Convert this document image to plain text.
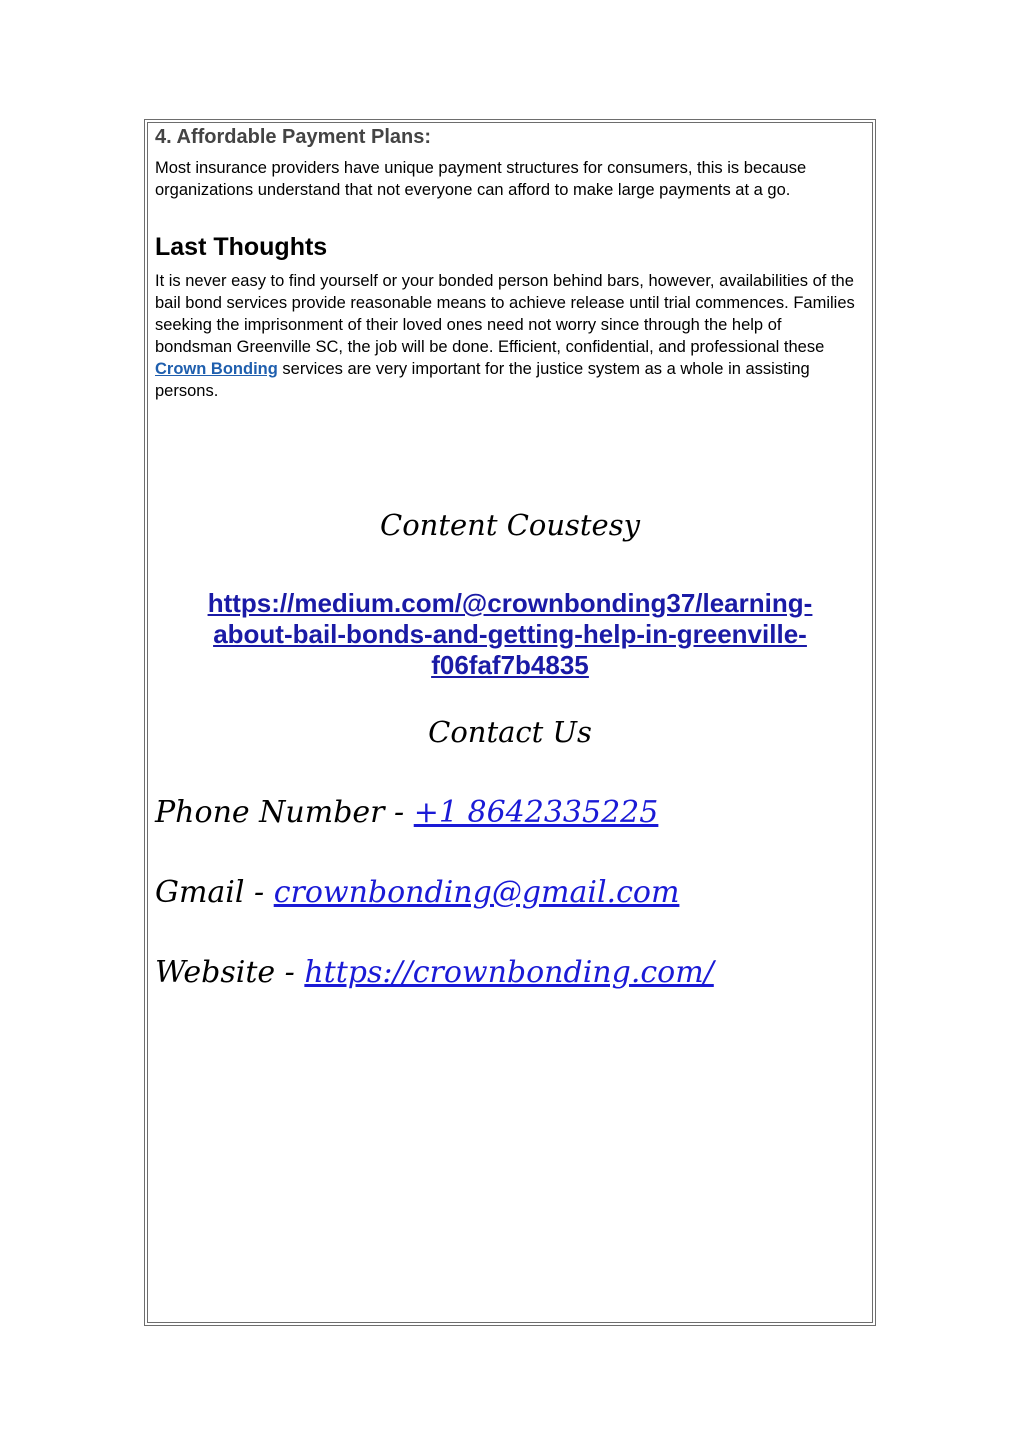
4. Affordable Payment Plans:

Most insurance providers have unique payment structures for consumers, this is because organizations understand that not everyone can afford to make large payments at a go.

Last Thoughts

It is never easy to find yourself or your bonded person behind bars, however, availabilities of the bail bond services provide reasonable means to achieve release until trial commences. Families seeking the imprisonment of their loved ones need not worry since through the help of bondsman Greenville SC, the job will be done. Efficient, confidential, and professional these Crown Bonding services are very important for the justice system as a whole in assisting persons.

Content Coustesy
https://medium.com/@crownbonding37/learning-
about-bail-bonds-and-getting-help-in-greenville-
f06faf7b4835
Contact Us
Phone Number - +1 8642335225
Gmail - crownbonding@gmail.com
Website - https://crownbonding.com/
